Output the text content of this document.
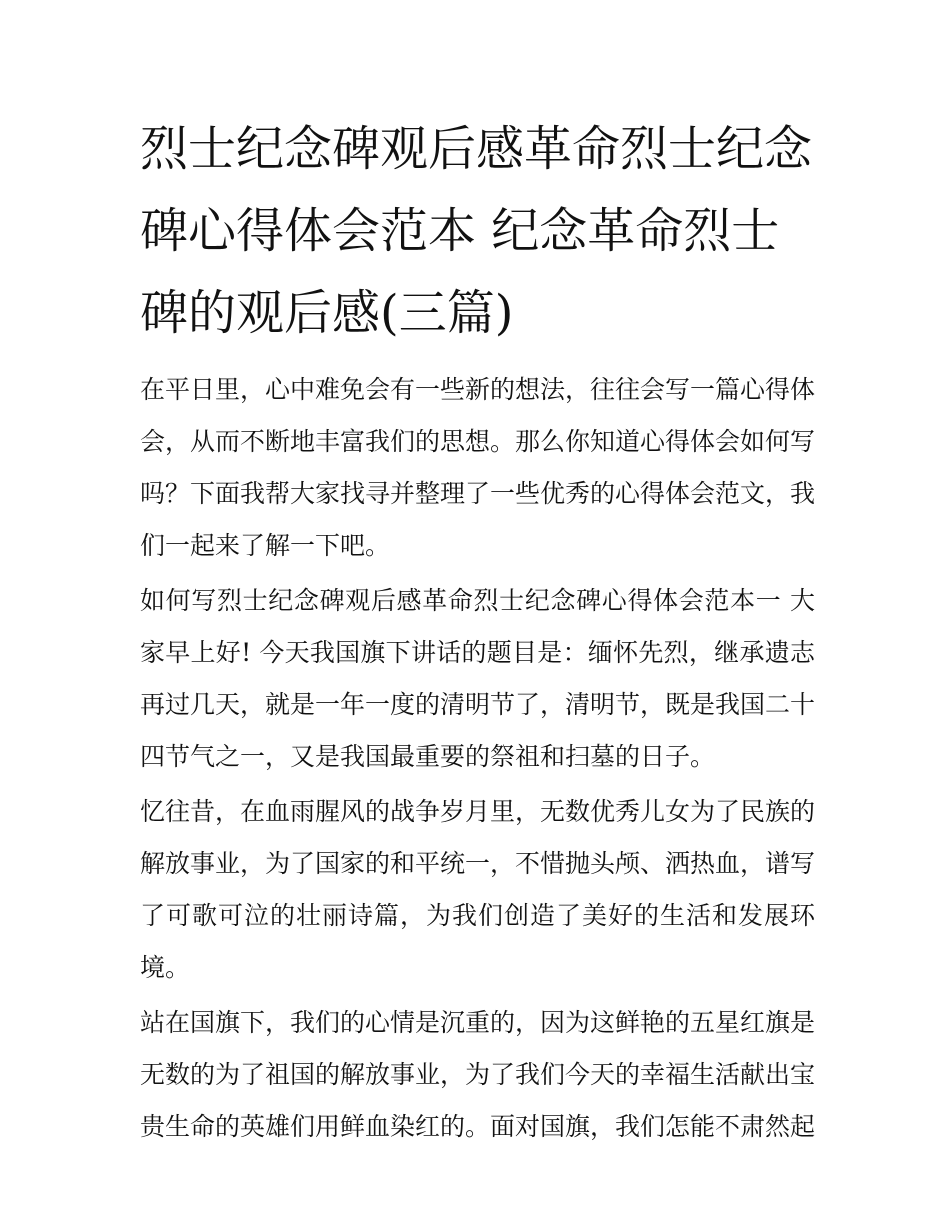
烈士纪念碑观后感革命烈士纪念碑心得体会范本 纪念革命烈士碑的观后感(三篇)

在平日里，心中难免会有一些新的想法，往往会写一篇心得体会，从而不断地丰富我们的思想。那么你知道心得体会如何写吗？下面我帮大家找寻并整理了一些优秀的心得体会范文，我们一起来了解一下吧。

如何写烈士纪念碑观后感革命烈士纪念碑心得体会范本一 大家早上好! 今天我国旗下讲话的题目是：缅怀先烈，继承遗志再过几天，就是一年一度的清明节了，清明节，既是我国二十四节气之一，又是我国最重要的祭祖和扫墓的日子。

忆往昔，在血雨腥风的战争岁月里，无数优秀儿女为了民族的解放事业，为了国家的和平统一，不惜抛头颅、洒热血，谱写了可歌可泣的壮丽诗篇，为我们创造了美好的生活和发展环境。

站在国旗下，我们的心情是沉重的，因为这鲜艳的五星红旗是无数的为了祖国的解放事业，为了我们今天的幸福生活献出宝贵生命的英雄们用鲜血染红的。面对国旗，我们怎能不肃然起
